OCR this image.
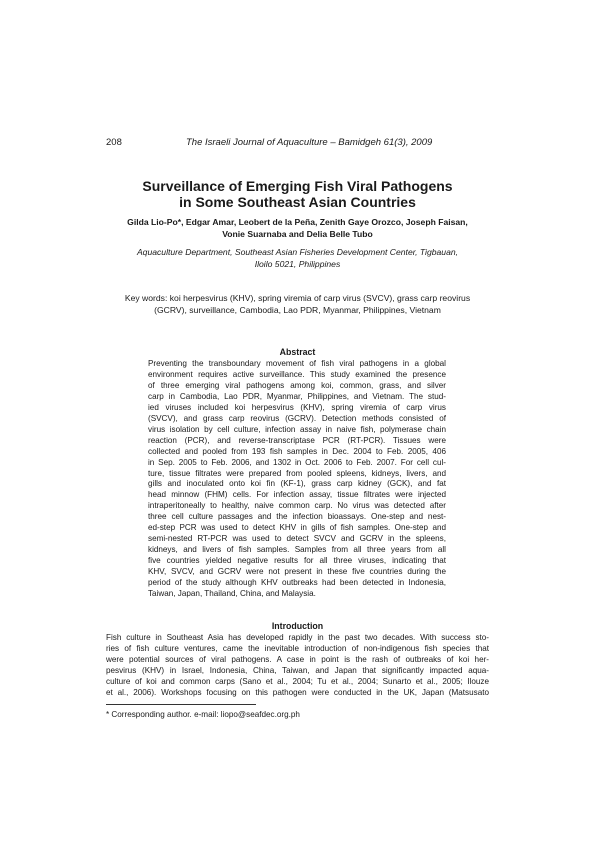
208	The Israeli Journal of Aquaculture – Bamidgeh 61(3), 2009
Surveillance of Emerging Fish Viral Pathogens
in Some Southeast Asian Countries
Gilda Lio-Po*, Edgar Amar, Leobert de la Peña, Zenith Gaye Orozco, Joseph Faisan,
Vonie Suarnaba and Delia Belle Tubo
Aquaculture Department, Southeast Asian Fisheries Development Center, Tigbauan,
Iloilo 5021, Philippines
Key words: koi herpesvirus (KHV), spring viremia of carp virus (SVCV), grass carp reovirus
(GCRV), surveillance, Cambodia, Lao PDR, Myanmar, Philippines, Vietnam
Abstract
Preventing the transboundary movement of fish viral pathogens in a global
environment requires active surveillance. This study examined the presence
of three emerging viral pathogens among koi, common, grass, and silver
carp in Cambodia, Lao PDR, Myanmar, Philippines, and Vietnam. The stud-
ied viruses included koi herpesvirus (KHV), spring viremia of carp virus
(SVCV), and grass carp reovirus (GCRV). Detection methods consisted of
virus isolation by cell culture, infection assay in naive fish, polymerase chain
reaction (PCR), and reverse-transcriptase PCR (RT-PCR). Tissues were
collected and pooled from 193 fish samples in Dec. 2004 to Feb. 2005, 406
in Sep. 2005 to Feb. 2006, and 1302 in Oct. 2006 to Feb. 2007. For cell cul-
ture, tissue filtrates were prepared from pooled spleens, kidneys, livers, and
gills and inoculated onto koi fin (KF-1), grass carp kidney (GCK), and fat
head minnow (FHM) cells. For infection assay, tissue filtrates were injected
intraperitoneally to healthy, naive common carp. No virus was detected after
three cell culture passages and the infection bioassays. One-step and nest-
ed-step PCR was used to detect KHV in gills of fish samples. One-step and
semi-nested RT-PCR was used to detect SVCV and GCRV in the spleens,
kidneys, and livers of fish samples. Samples from all three years from all
five countries yielded negative results for all three viruses, indicating that
KHV, SVCV, and GCRV were not present in these five countries during the
period of the study although KHV outbreaks had been detected in Indonesia,
Taiwan, Japan, Thailand, China, and Malaysia.
Introduction
Fish culture in Southeast Asia has developed rapidly in the past two decades. With success sto-
ries of fish culture ventures, came the inevitable introduction of non-indigenous fish species that
were potential sources of viral pathogens. A case in point is the rash of outbreaks of koi her-
pesvirus (KHV) in Israel, Indonesia, China, Taiwan, and Japan that significantly impacted aqua-
culture of koi and common carps (Sano et al., 2004; Tu et al., 2004; Sunarto et al., 2005; Ilouze
et al., 2006). Workshops focusing on this pathogen were conducted in the UK, Japan (Matsusato
* Corresponding author. e-mail: liopo@seafdec.org.ph
